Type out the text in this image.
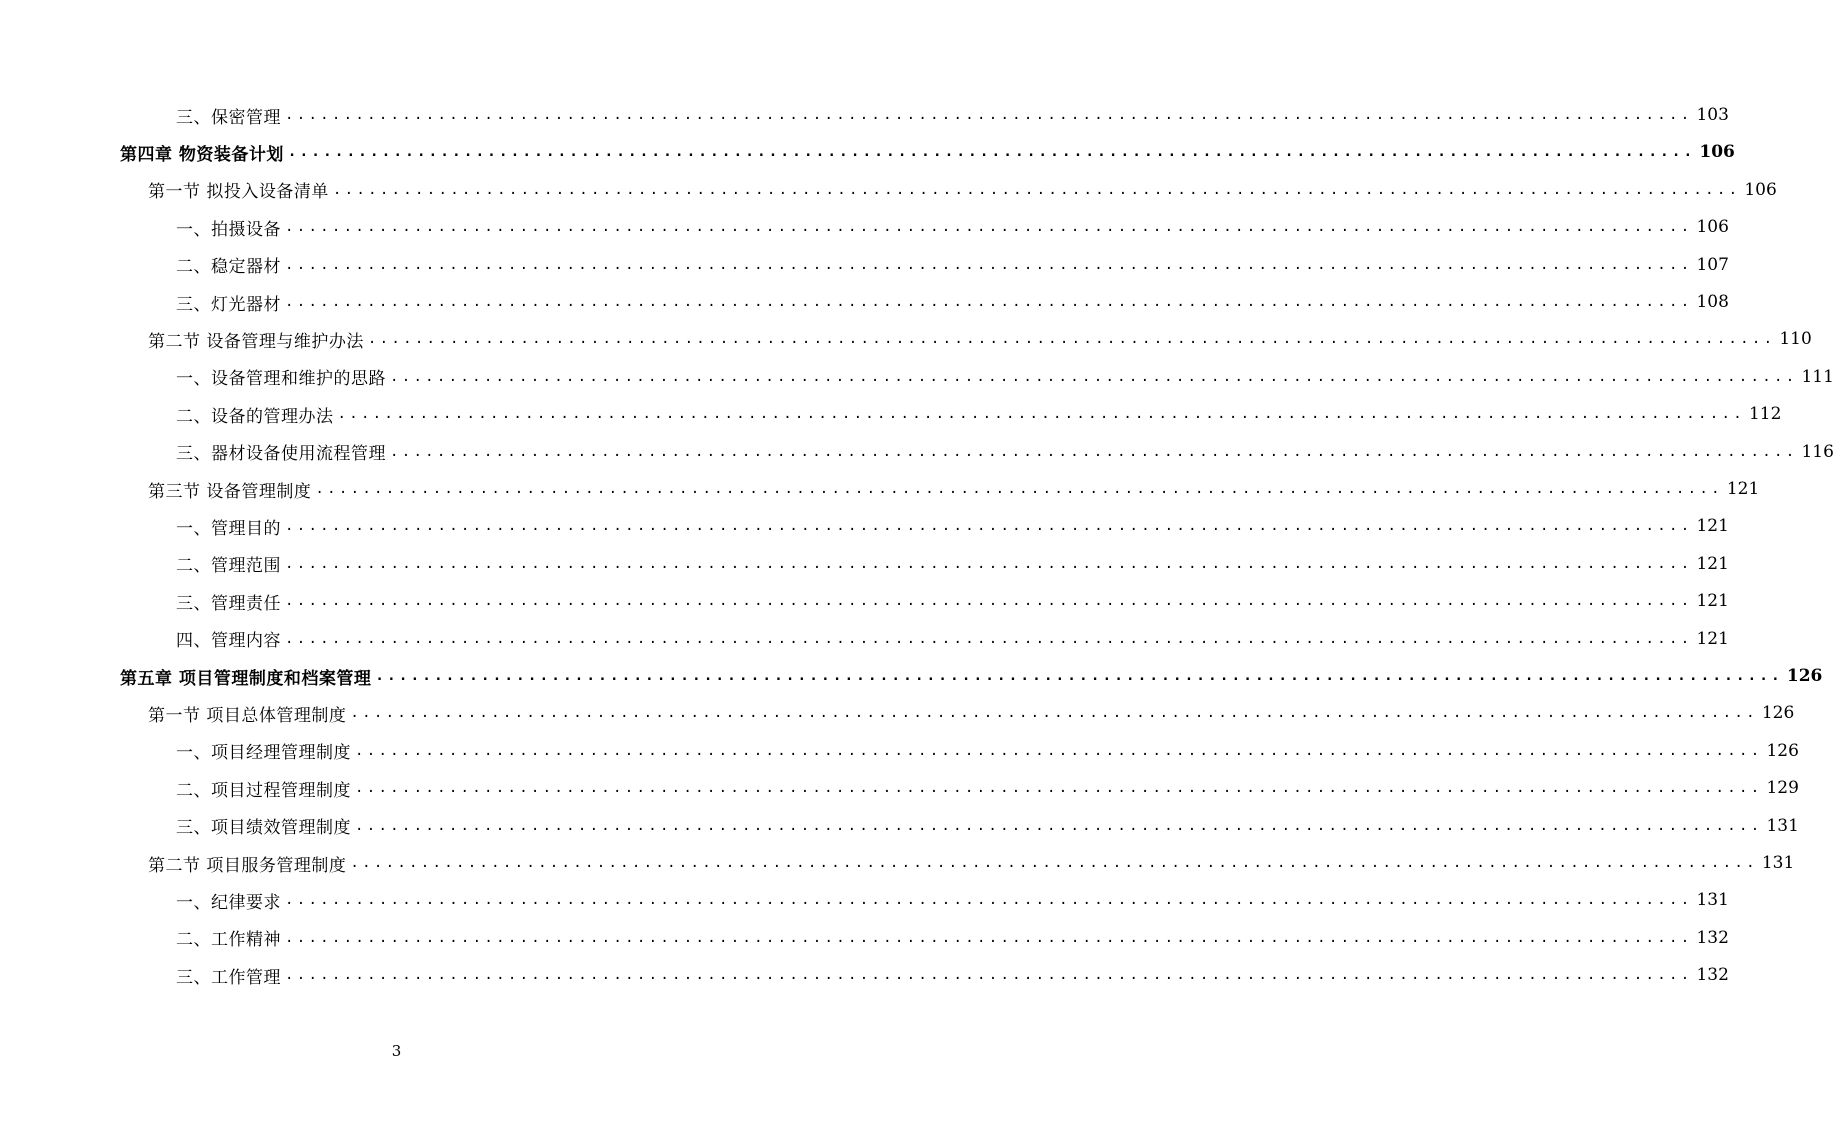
三、保密管理 ........................................................................................................................ 103
第四章 物资装备计划 ........................................................................................................................ 106
第一节 拟投入设备清单 ........................................................................................................................ 106
一、拍摄设备 ........................................................................................................................ 106
二、稳定器材 ........................................................................................................................ 107
三、灯光器材 ........................................................................................................................ 108
第二节 设备管理与维护办法 ........................................................................................................................ 110
一、设备管理和维护的思路 ........................................................................................................................ 111
二、设备的管理办法 ........................................................................................................................ 112
三、器材设备使用流程管理 ........................................................................................................................ 116
第三节 设备管理制度 ........................................................................................................................ 121
一、管理目的 ........................................................................................................................ 121
二、管理范围 ........................................................................................................................ 121
三、管理责任 ........................................................................................................................ 121
四、管理内容 ........................................................................................................................ 121
第五章 项目管理制度和档案管理 ........................................................................................................................ 126
第一节 项目总体管理制度 ........................................................................................................................ 126
一、项目经理管理制度 ........................................................................................................................ 126
二、项目过程管理制度 ........................................................................................................................ 129
三、项目绩效管理制度 ........................................................................................................................ 131
第二节 项目服务管理制度 ........................................................................................................................ 131
一、纪律要求 ........................................................................................................................ 131
二、工作精神 ........................................................................................................................ 132
三、工作管理 ........................................................................................................................ 132
3
